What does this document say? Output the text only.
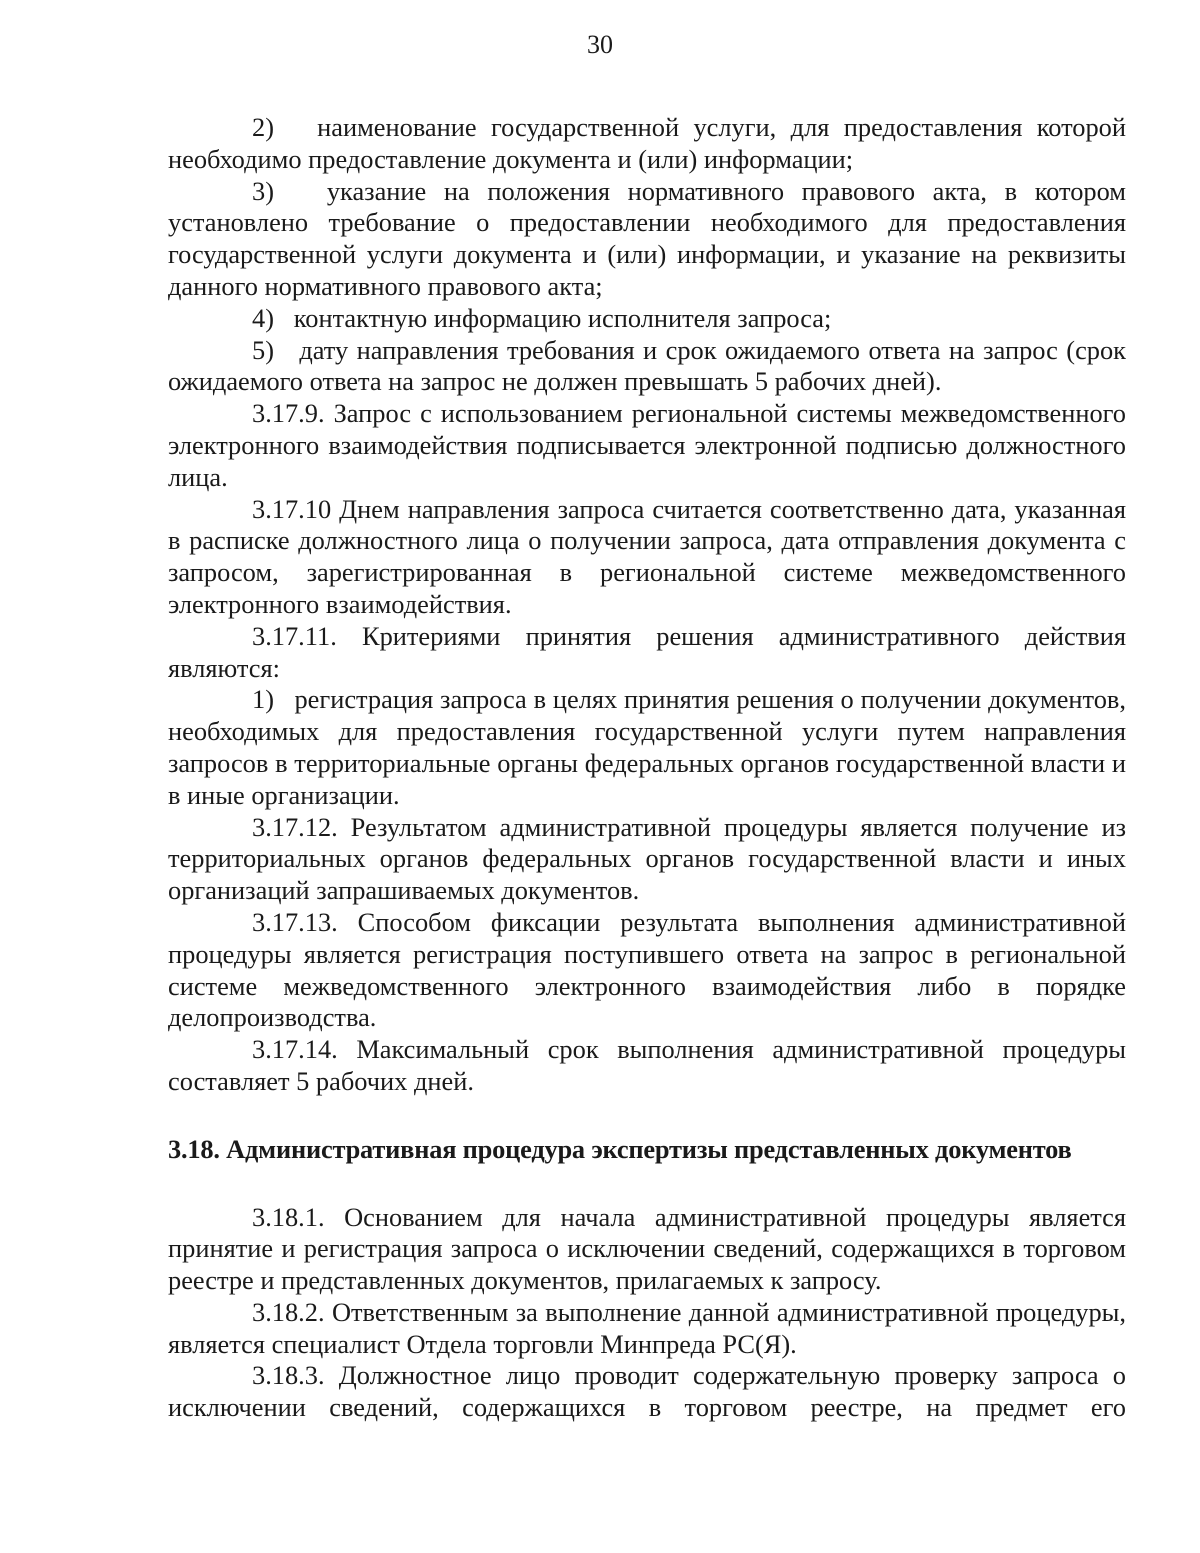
30

2)   наименование государственной услуги, для предоставления которой необходимо предоставление документа и (или) информации;

3)   указание на положения нормативного правового акта, в котором установлено требование о предоставлении необходимого для предоставления государственной услуги документа и (или) информации, и указание на реквизиты данного нормативного правового акта;

4)   контактную информацию исполнителя запроса;

5)   дату направления требования и срок ожидаемого ответа на запрос (срок ожидаемого ответа на запрос не должен превышать 5 рабочих дней).

3.17.9. Запрос с использованием региональной системы межведомственного электронного взаимодействия подписывается электронной подписью должностного лица.

3.17.10 Днем направления запроса считается соответственно дата, указанная в расписке должностного лица о получении запроса, дата отправления документа с запросом, зарегистрированная в региональной системе межведомственного электронного взаимодействия.

3.17.11. Критериями принятия решения административного действия являются:

1)   регистрация запроса в целях принятия решения о получении документов, необходимых для предоставления государственной услуги путем направления запросов в территориальные органы федеральных органов государственной власти и в иные организации.

3.17.12. Результатом административной процедуры является получение из территориальных органов федеральных органов государственной власти и иных организаций запрашиваемых документов.

3.17.13. Способом фиксации результата выполнения административной процедуры является регистрация поступившего ответа на запрос в региональной системе межведомственного электронного взаимодействия либо в порядке делопроизводства.

3.17.14. Максимальный срок выполнения административной процедуры составляет 5 рабочих дней.

3.18. Административная процедура экспертизы представленных документов

3.18.1. Основанием для начала административной процедуры является принятие и регистрация запроса о исключении сведений, содержащихся в торговом реестре и представленных документов, прилагаемых к запросу.

3.18.2. Ответственным за выполнение данной административной процедуры, является специалист Отдела торговли Минпреда РС(Я).

3.18.3. Должностное лицо проводит содержательную проверку запроса о исключении сведений, содержащихся в торговом реестре, на предмет его
